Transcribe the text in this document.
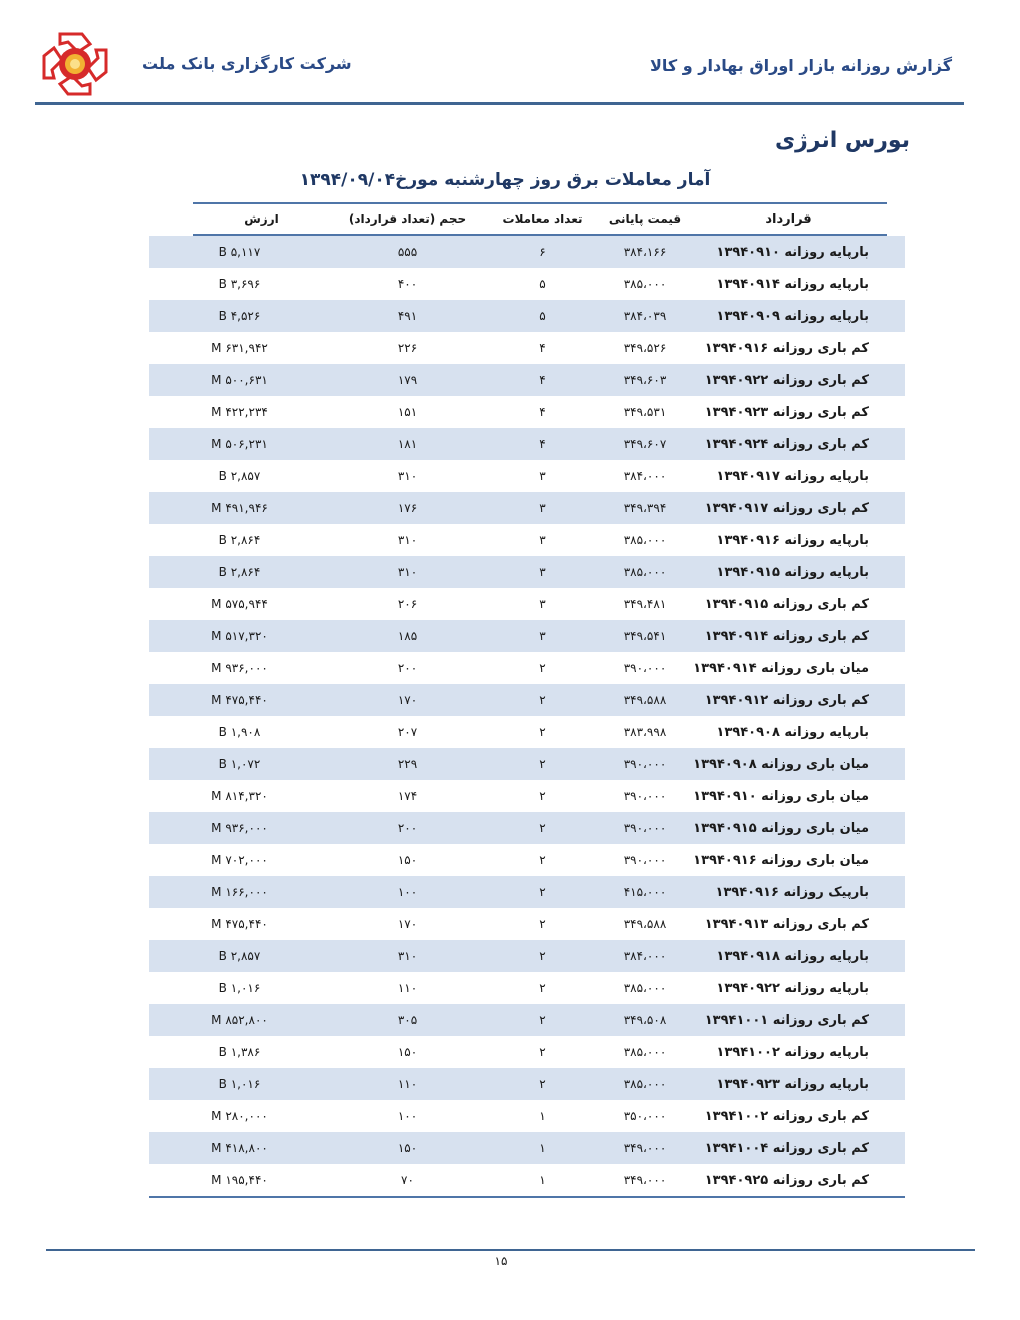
شرکت کارگزاری بانک ملت	گزارش روزانه بازار اوراق بهادار و کالا
بورس انرژی
آمار معاملات برق روز چهارشنبه مورخ۱۳۹۴/۰۹/۰۴
قرارداد
قیمت پایانی
تعداد معاملات
حجم (تعداد قرارداد)
ارزش
بارپایه روزانه ۱۳۹۴۰۹۱۰
۳۸۴،۱۶۶
۶
۵۵۵
۵,۱۱۷ B
بارپایه روزانه ۱۳۹۴۰۹۱۴
۳۸۵،۰۰۰
۵
۴۰۰
۳,۶۹۶ B
بارپایه روزانه ۱۳۹۴۰۹۰۹
۳۸۴،۰۳۹
۵
۴۹۱
۴,۵۲۶ B
کم باری روزانه ۱۳۹۴۰۹۱۶
۳۴۹،۵۲۶
۴
۲۲۶
۶۳۱,۹۴۲ M
کم باری روزانه ۱۳۹۴۰۹۲۲
۳۴۹،۶۰۳
۴
۱۷۹
۵۰۰,۶۳۱ M
کم باری روزانه ۱۳۹۴۰۹۲۳
۳۴۹،۵۳۱
۴
۱۵۱
۴۲۲,۲۳۴ M
کم باری روزانه ۱۳۹۴۰۹۲۴
۳۴۹،۶۰۷
۴
۱۸۱
۵۰۶,۲۳۱ M
بارپایه روزانه ۱۳۹۴۰۹۱۷
۳۸۴،۰۰۰
۳
۳۱۰
۲,۸۵۷ B
کم باری روزانه ۱۳۹۴۰۹۱۷
۳۴۹،۳۹۴
۳
۱۷۶
۴۹۱,۹۴۶ M
بارپایه روزانه ۱۳۹۴۰۹۱۶
۳۸۵،۰۰۰
۳
۳۱۰
۲,۸۶۴ B
بارپایه روزانه ۱۳۹۴۰۹۱۵
۳۸۵،۰۰۰
۳
۳۱۰
۲,۸۶۴ B
کم باری روزانه ۱۳۹۴۰۹۱۵
۳۴۹،۴۸۱
۳
۲۰۶
۵۷۵,۹۴۴ M
کم باری روزانه ۱۳۹۴۰۹۱۴
۳۴۹،۵۴۱
۳
۱۸۵
۵۱۷,۳۲۰ M
میان باری روزانه ۱۳۹۴۰۹۱۴
۳۹۰،۰۰۰
۲
۲۰۰
۹۳۶,۰۰۰ M
کم باری روزانه ۱۳۹۴۰۹۱۲
۳۴۹،۵۸۸
۲
۱۷۰
۴۷۵,۴۴۰ M
بارپایه روزانه ۱۳۹۴۰۹۰۸
۳۸۳،۹۹۸
۲
۲۰۷
۱,۹۰۸ B
میان باری روزانه ۱۳۹۴۰۹۰۸
۳۹۰،۰۰۰
۲
۲۲۹
۱,۰۷۲ B
میان باری روزانه ۱۳۹۴۰۹۱۰
۳۹۰،۰۰۰
۲
۱۷۴
۸۱۴,۳۲۰ M
میان باری روزانه ۱۳۹۴۰۹۱۵
۳۹۰،۰۰۰
۲
۲۰۰
۹۳۶,۰۰۰ M
میان باری روزانه ۱۳۹۴۰۹۱۶
۳۹۰،۰۰۰
۲
۱۵۰
۷۰۲,۰۰۰ M
بارپیک روزانه ۱۳۹۴۰۹۱۶
۴۱۵،۰۰۰
۲
۱۰۰
۱۶۶,۰۰۰ M
کم باری روزانه ۱۳۹۴۰۹۱۳
۳۴۹،۵۸۸
۲
۱۷۰
۴۷۵,۴۴۰ M
بارپایه روزانه ۱۳۹۴۰۹۱۸
۳۸۴،۰۰۰
۲
۳۱۰
۲,۸۵۷ B
بارپایه روزانه ۱۳۹۴۰۹۲۲
۳۸۵،۰۰۰
۲
۱۱۰
۱,۰۱۶ B
کم باری روزانه ۱۳۹۴۱۰۰۱
۳۴۹،۵۰۸
۲
۳۰۵
۸۵۲,۸۰۰ M
بارپایه روزانه ۱۳۹۴۱۰۰۲
۳۸۵،۰۰۰
۲
۱۵۰
۱,۳۸۶ B
بارپایه روزانه ۱۳۹۴۰۹۲۳
۳۸۵،۰۰۰
۲
۱۱۰
۱,۰۱۶ B
کم باری روزانه ۱۳۹۴۱۰۰۲
۳۵۰،۰۰۰
۱
۱۰۰
۲۸۰,۰۰۰ M
کم باری روزانه ۱۳۹۴۱۰۰۴
۳۴۹،۰۰۰
۱
۱۵۰
۴۱۸,۸۰۰ M
کم باری روزانه ۱۳۹۴۰۹۲۵
۳۴۹،۰۰۰
۱
۷۰
۱۹۵,۴۴۰ M
۱۵
